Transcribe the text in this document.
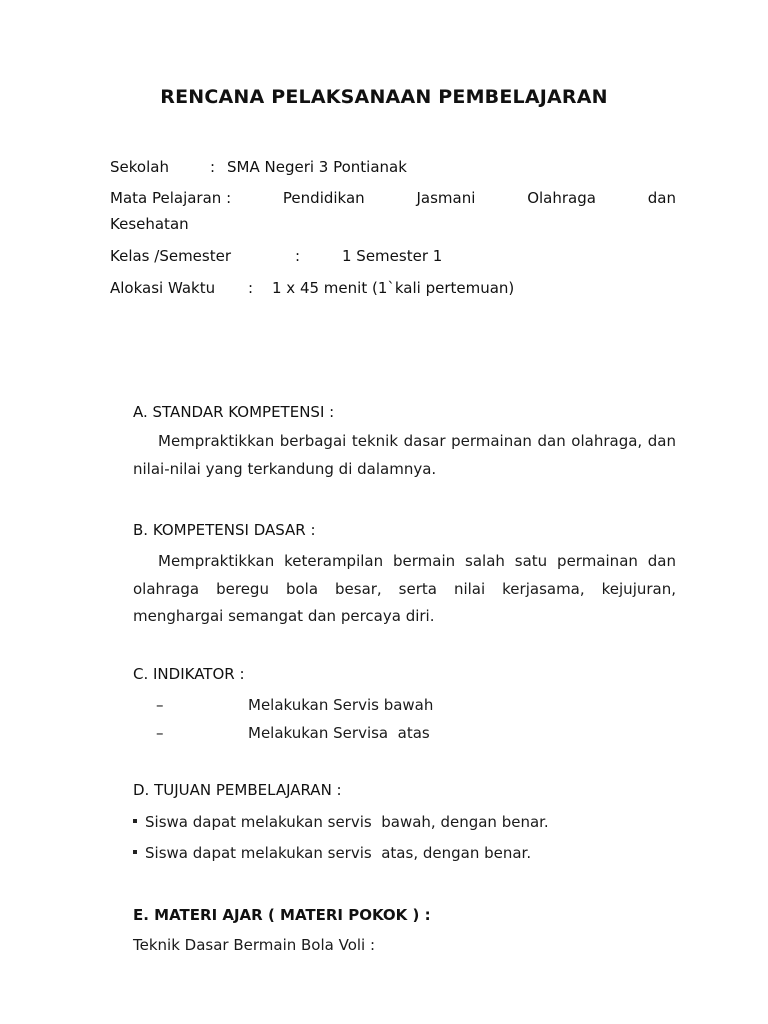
RENCANA PELAKSANAAN PEMBELAJARAN
Sekolah	: SMA Negeri 3 Pontianak
Mata Pelajaran :	Pendidikan	Jasmani	Olahraga	dan
Kesehatan
Kelas /Semester	:	1 Semester 1
Alokasi Waktu : 1 x 45 menit (1`kali pertemuan)
A. STANDAR KOMPETENSI :
Mempraktikkan berbagai teknik dasar permainan dan olahraga, dan nilai-nilai yang terkandung di dalamnya.
B. KOMPETENSI DASAR :
Mempraktikkan keterampilan bermain salah satu permainan dan olahraga beregu bola besar, serta nilai kerjasama, kejujuran, menghargai semangat dan percaya diri.
C. INDIKATOR :
–	Melakukan Servis bawah
–	Melakukan Servisa  atas
D. TUJUAN PEMBELAJARAN :
Siswa dapat melakukan servis  bawah, dengan benar.
Siswa dapat melakukan servis  atas, dengan benar.
E. MATERI AJAR ( MATERI POKOK ) :
Teknik Dasar Bermain Bola Voli :
